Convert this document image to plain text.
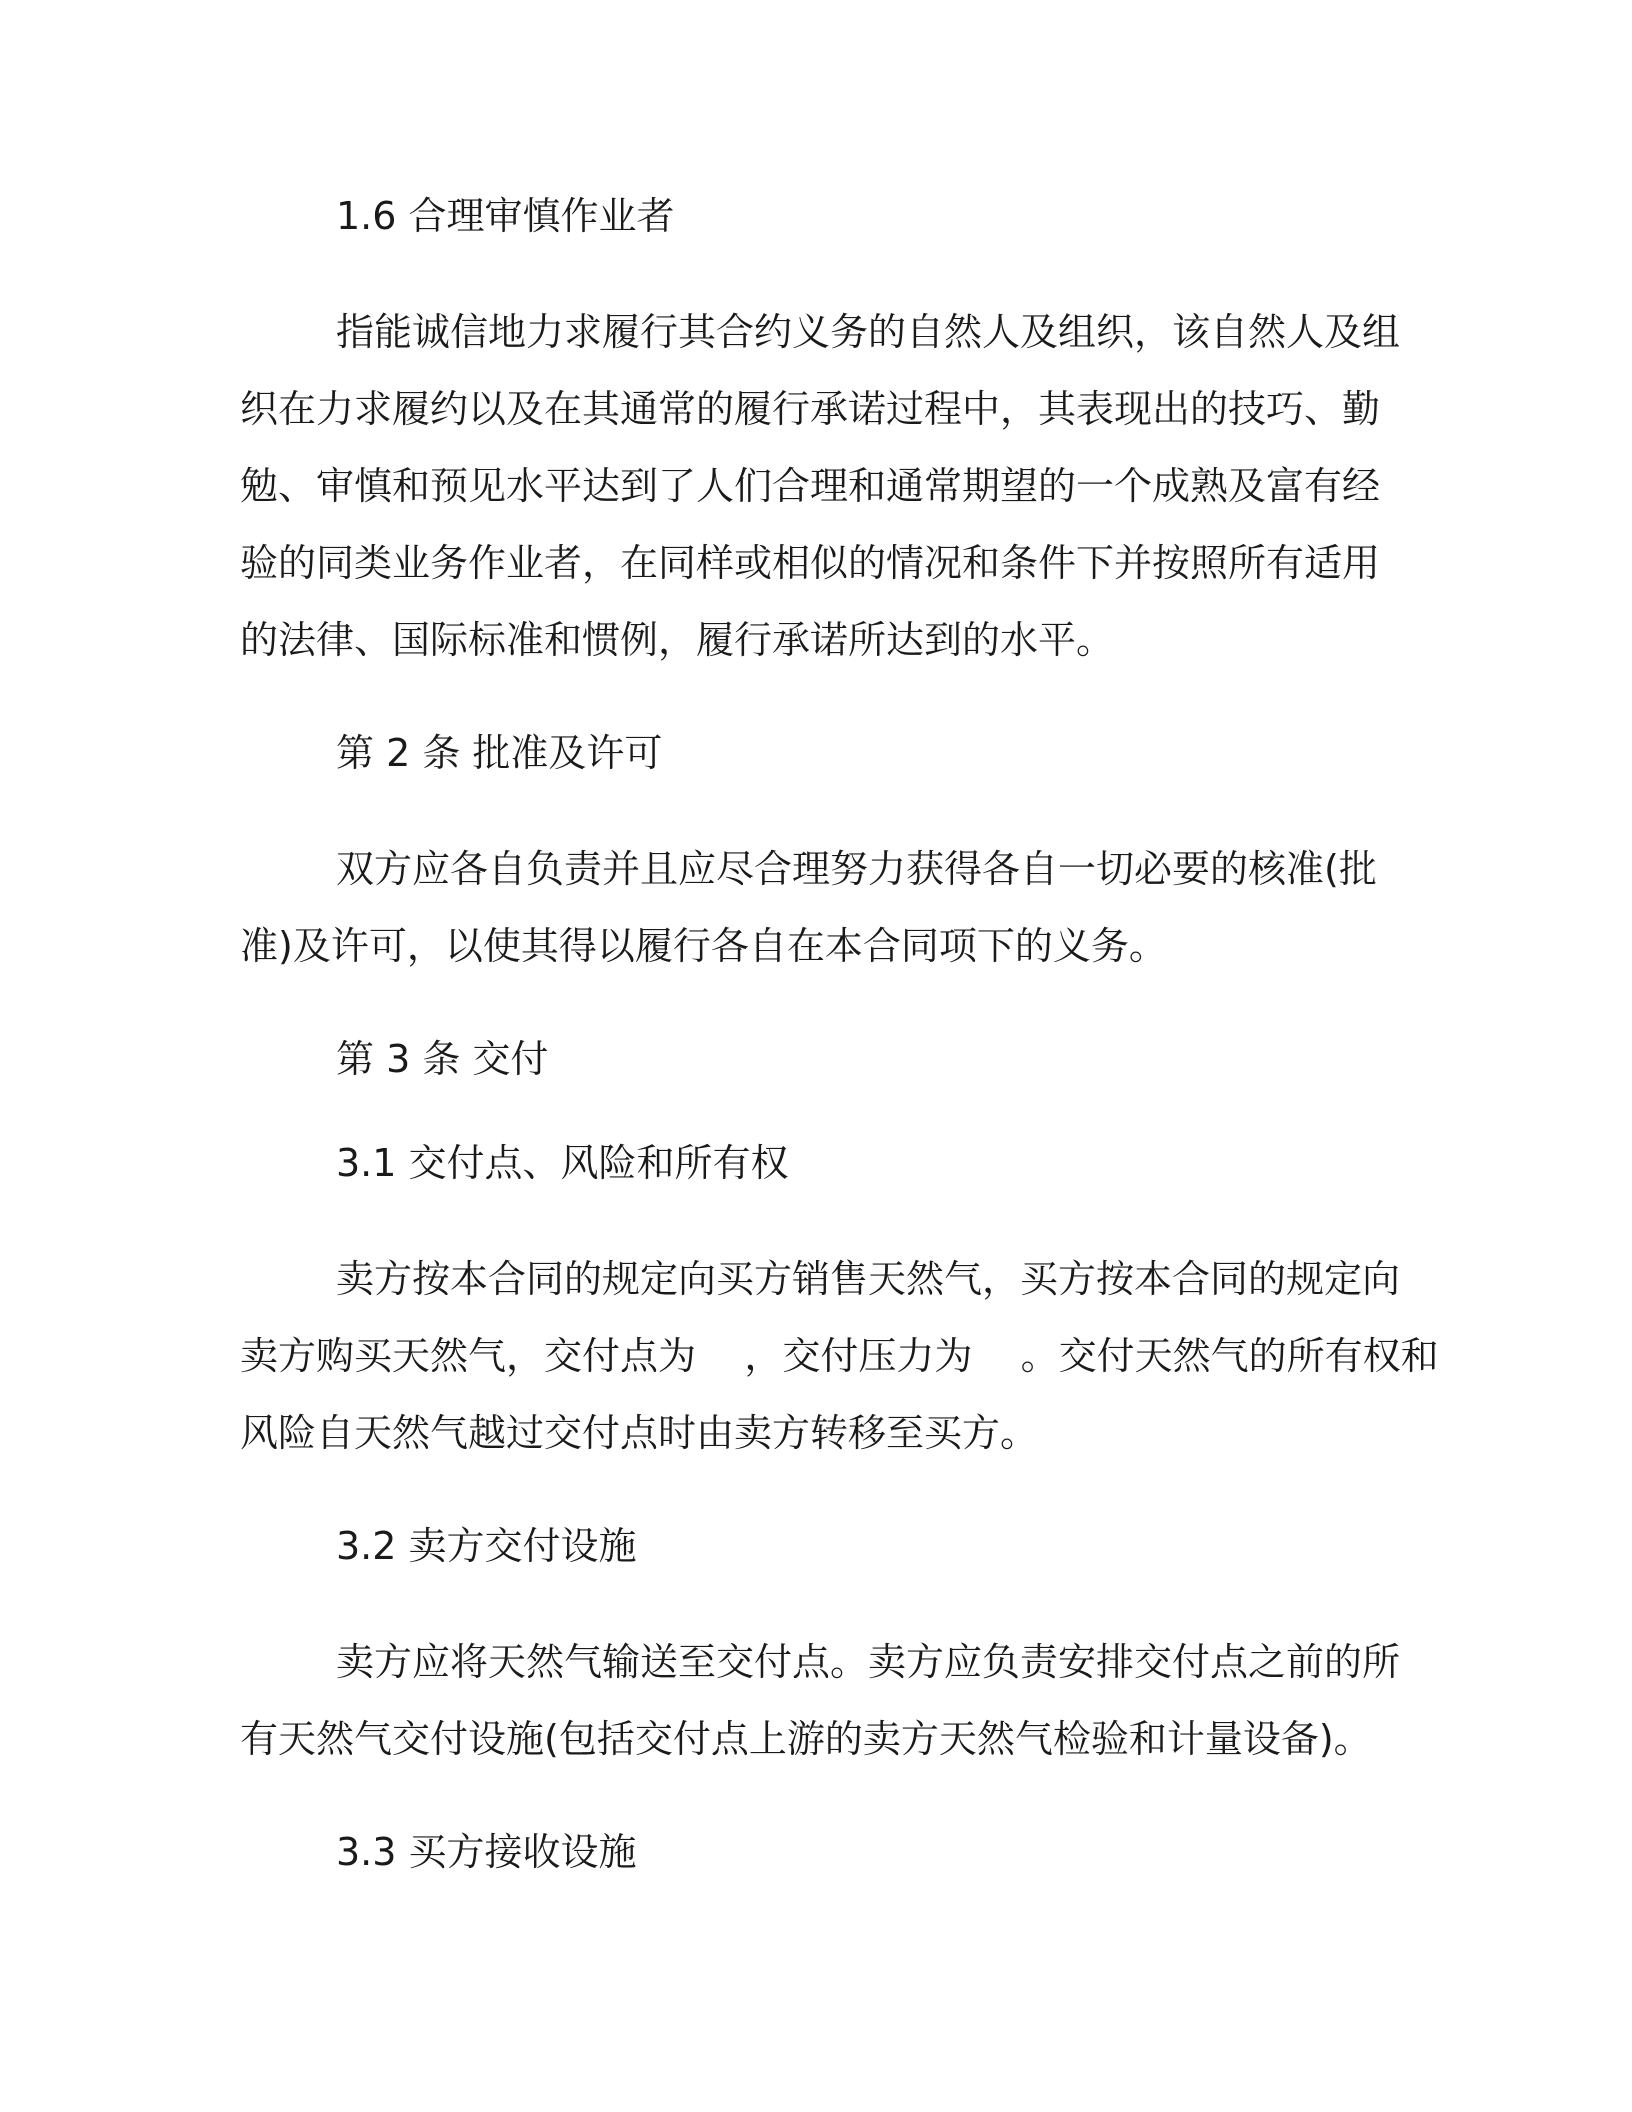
1.6 合理审慎作业者

指能诚信地力求履行其合约义务的自然人及组织，该自然人及组
织在力求履约以及在其通常的履行承诺过程中，其表现出的技巧、勤
勉、审慎和预见水平达到了人们合理和通常期望的一个成熟及富有经
验的同类业务作业者，在同样或相似的情况和条件下并按照所有适用
的法律、国际标准和惯例，履行承诺所达到的水平。

第 2 条 批准及许可

双方应各自负责并且应尽合理努力获得各自一切必要的核准(批
准)及许可，以使其得以履行各自在本合同项下的义务。

第 3 条 交付

3.1 交付点、风险和所有权

卖方按本合同的规定向买方销售天然气，买方按本合同的规定向
卖方购买天然气，交付点为    ，交付压力为    。交付天然气的所有权和
风险自天然气越过交付点时由卖方转移至买方。

3.2 卖方交付设施

卖方应将天然气输送至交付点。卖方应负责安排交付点之前的所
有天然气交付设施(包括交付点上游的卖方天然气检验和计量设备)。

3.3 买方接收设施
